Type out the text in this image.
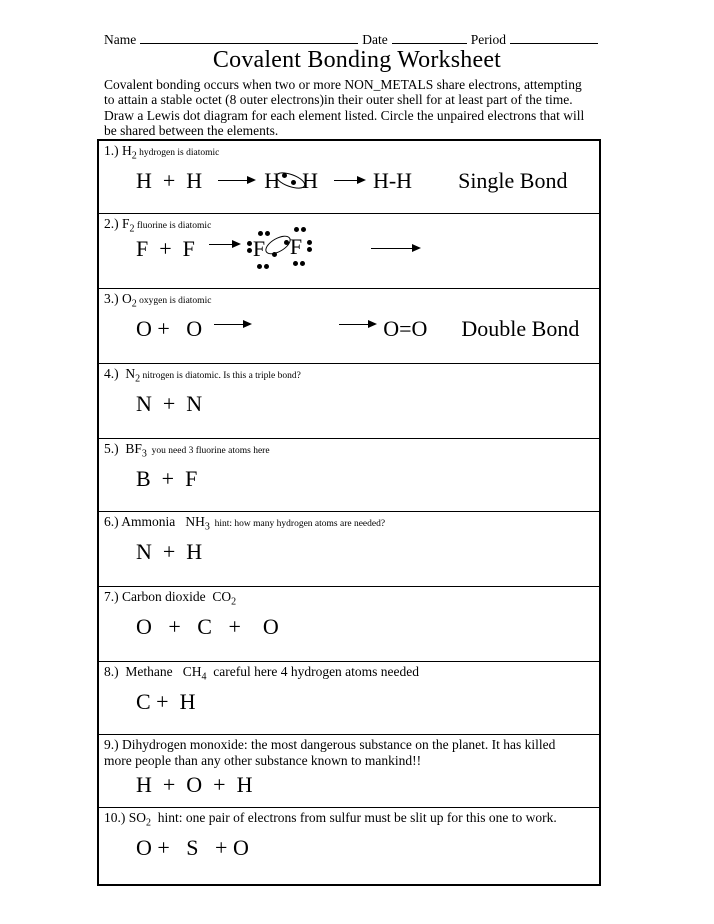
Name	Date	Period
Covalent Bonding Worksheet
Covalent bonding occurs when two or more NON_METALS share electrons, attempting
to attain a stable octet (8 outer electrons)in their outer shell for at least part of the time.
Draw a Lewis dot diagram for each element listed. Circle the unpaired electrons that will
be shared between the elements.
1.) $H_2$ hydrogen is diatomic
H  +  H	H H	H-H Single Bond
2.) $F_2$ fluorine is diatomic
F  +  F	F F
3.) $O_2$ oxygen is diatomic
O +   O	O=O Double Bond
4.)  $N_2$ nitrogen is diatomic. Is this a triple bond?
N  +  N
5.)  $BF_3$  you need 3 fluorine atoms here
B  +  F
6.) Ammonia   $NH_3$  hint: how many hydrogen atoms are needed?
N  +  H
7.) Carbon dioxide  $CO_2$
O   +   C   +    O
8.)  Methane   $CH_4$  careful here 4 hydrogen atoms needed
C +  H
9.) Dihydrogen monoxide: the most dangerous substance on the planet. It has killed
more people than any other substance known to mankind!!
H  +  O  +  H
10.) $SO_2$  hint: one pair of electrons from sulfur must be slit up for this one to work.
O +   S   + O
